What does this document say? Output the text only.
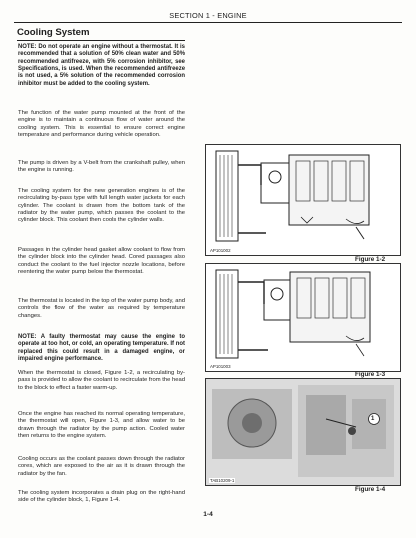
SECTION 1 - ENGINE
Cooling System

NOTE: Do not operate an engine without a thermostat. It is recommended that a solution of 50% clean water and 50% recommended antifreeze, with 5% corrosion inhibitor, see Specifications, is used. When the recommended antifreeze is not used, a 5% solution of the recommended corrosion inhibitor must be added to the cooling system.

The function of the water pump mounted at the front of the engine is to maintain a continuous flow of water around the cooling system. This is essential to ensure correct engine temperature and performance during vehicle operation.

The pump is driven by a V-belt from the crankshaft pulley, when the engine is running.

The cooling system for the new generation engines is of the recirculating by-pass type with full length water jackets for each cylinder. The coolant is drawn from the bottom tank of the radiator by the water pump, which passes the coolant to the cylinder block. This coolant then cools the cylinder walls.

Passages in the cylinder head gasket allow coolant to flow from the cylinder block into the cylinder head. Cored passages also conduct the coolant to the fuel injector nozzle locations, before reentering the water pump below the thermostat.

The thermostat is located in the top of the water pump body, and controls the flow of the water as required by temperature changes.

NOTE: A faulty thermostat may cause the engine to operate at too hot, or cold, an operating temperature. If not replaced this could result in a damaged engine, or impaired engine performance.

When the thermostat is closed, Figure 1-2, a recirculating by-pass is provided to allow the coolant to recirculate from the head to the block to effect a faster warm-up.

Once the engine has reached its normal operating temperature, the thermostat will open, Figure 1-3, and allow water to be drawn through the radiator by the pump action. Cooled water then returns to the engine system.

Cooling occurs as the coolant passes down through the radiator cores, which are exposed to the air as it is drawn through the radiator by the fan.

The cooling system incorporates a drain plug on the right-hand side of the cylinder block, 1, Figure 1-4.

AP101002
Figure 1-2
AP101003
Figure 1-3
1
TAB10209-1
Figure 1-4
1-4
